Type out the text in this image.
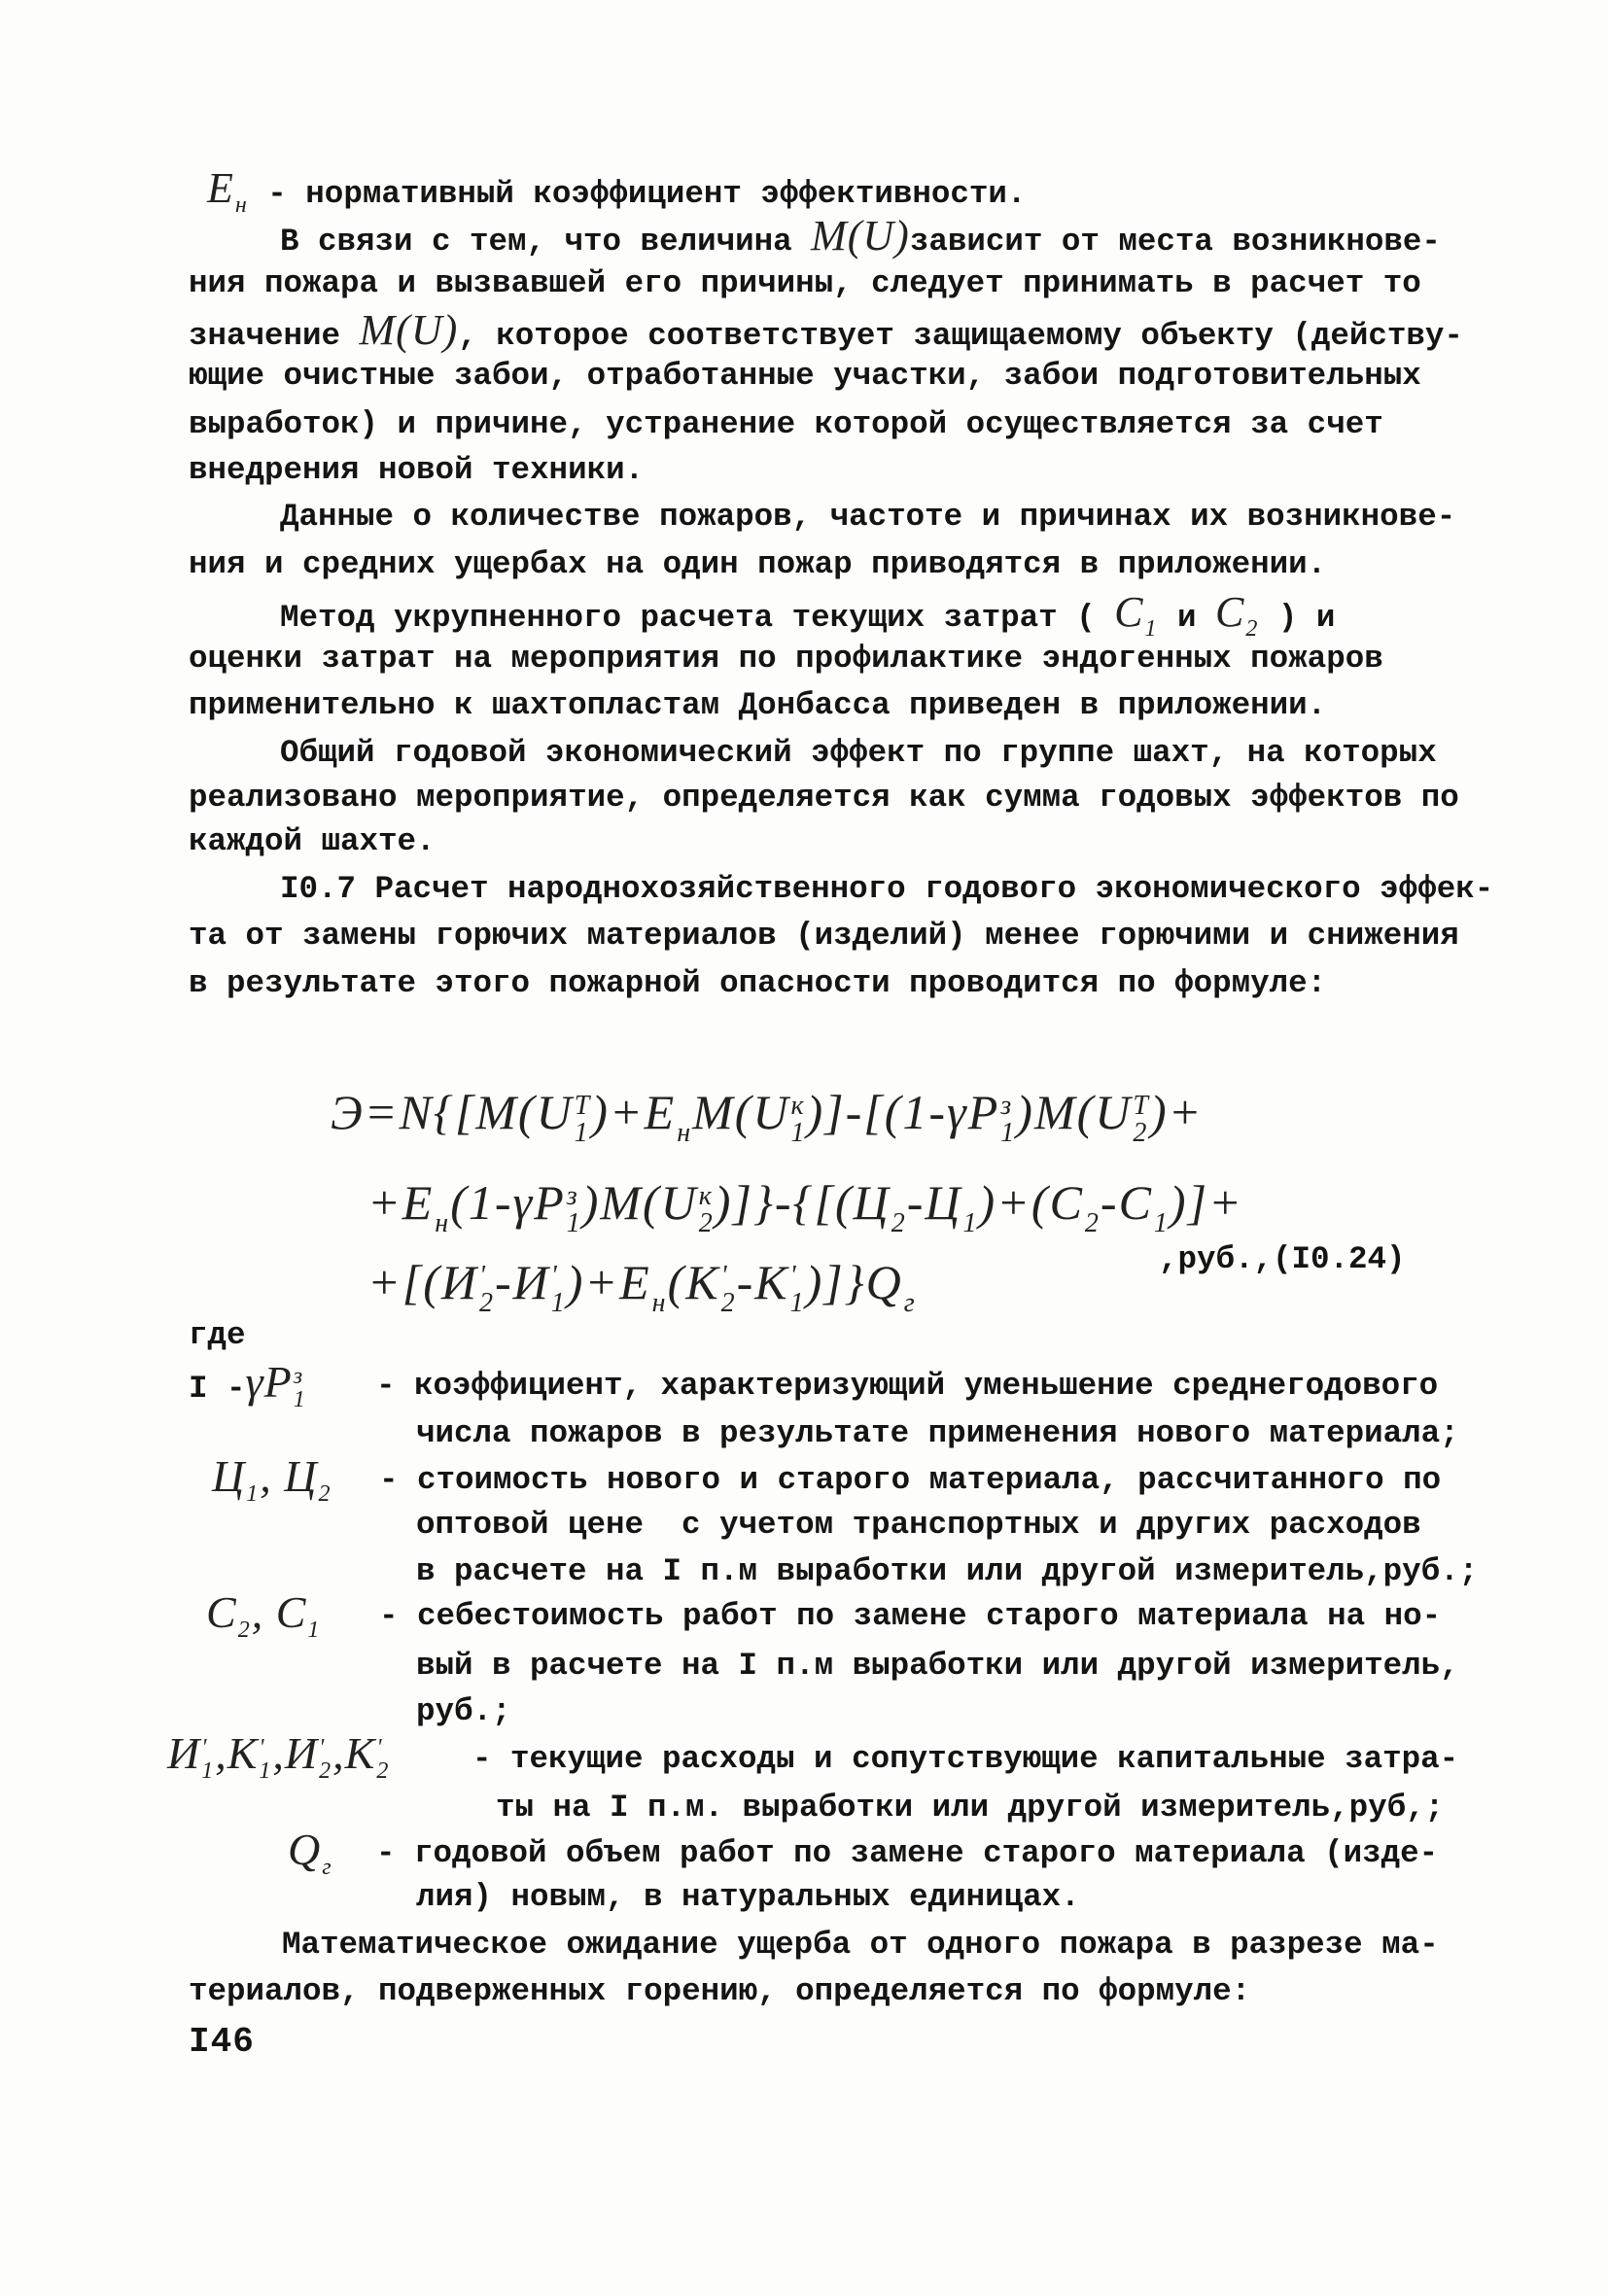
E
н - нормативный коэффициент эффективности.
В связи с тем, что величина M(U)зависит от места возникнове-
ния пожара и вызвавшей его причины, следует принимать в расчет то
значение M(U), которое соответствует защищаемому объекту (действу-
ющие очистные забои, отработанные участки, забои подготовительных
выработок) и причине, устранение которой осуществляется за счет
внедрения новой техники.
Данные о количестве пожаров, частоте и причинах их возникнове-
ния и средних ущербах на один пожар приводятся в приложении.
Метод укрупненного расчета текущих затрат ( C
1 и C
2 ) и
оценки затрат на мероприятия по профилактике эндогенных пожаров
применительно к шахтопластам Донбасса приведен в приложении.
Общий годовой экономический эффект по группе шахт, на которых
реализовано мероприятие, определяется как сумма годовых эффектов по
каждой шахте.
I0.7 Расчет народнохозяйственного годового экономического эффек-
та от замены горючих материалов (изделий) менее горючими и снижения
в результате этого пожарной опасности проводится по формуле:
Э=N{[M(U T
1 )+E
н M(U к
1 )]-[(1-γP з
1 )M(U T
2 )+
+E
н (1-γP з
1 )M(U к
2 )]}-{[(Ц
2 -Ц
1 )+(C
2 -C
1 )]+
+[(И '
2 -И '
1 )+E
н (K '
2 -K '
1 )]}Q
г
,руб.,(I0.24)
где
I -γP з
1 - коэффициент, характеризующий уменьшение среднегодового
числа пожаров в результате применения нового материала;
Ц
1 , Ц
2 - стоимость нового и старого материала, рассчитанного по
оптовой цене  с учетом транспортных и других расходов
в расчете на I п.м выработки или другой измеритель,руб.;
C
2 , C
1 - себестоимость работ по замене старого материала на но-
вый в расчете на I п.м выработки или другой измеритель,
руб.;
И '
1 ,K '
1 ,И '
2 ,K '
2	- текущие расходы и сопутствующие капитальные затра-
ты на I п.м. выработки или другой измеритель,руб,;
Q
г - годовой объем работ по замене старого материала (изде-
лия) новым, в натуральных единицах.
Математическое ожидание ущерба от одного пожара в разрезе ма-
териалов, подверженных горению, определяется по формуле:
I46
